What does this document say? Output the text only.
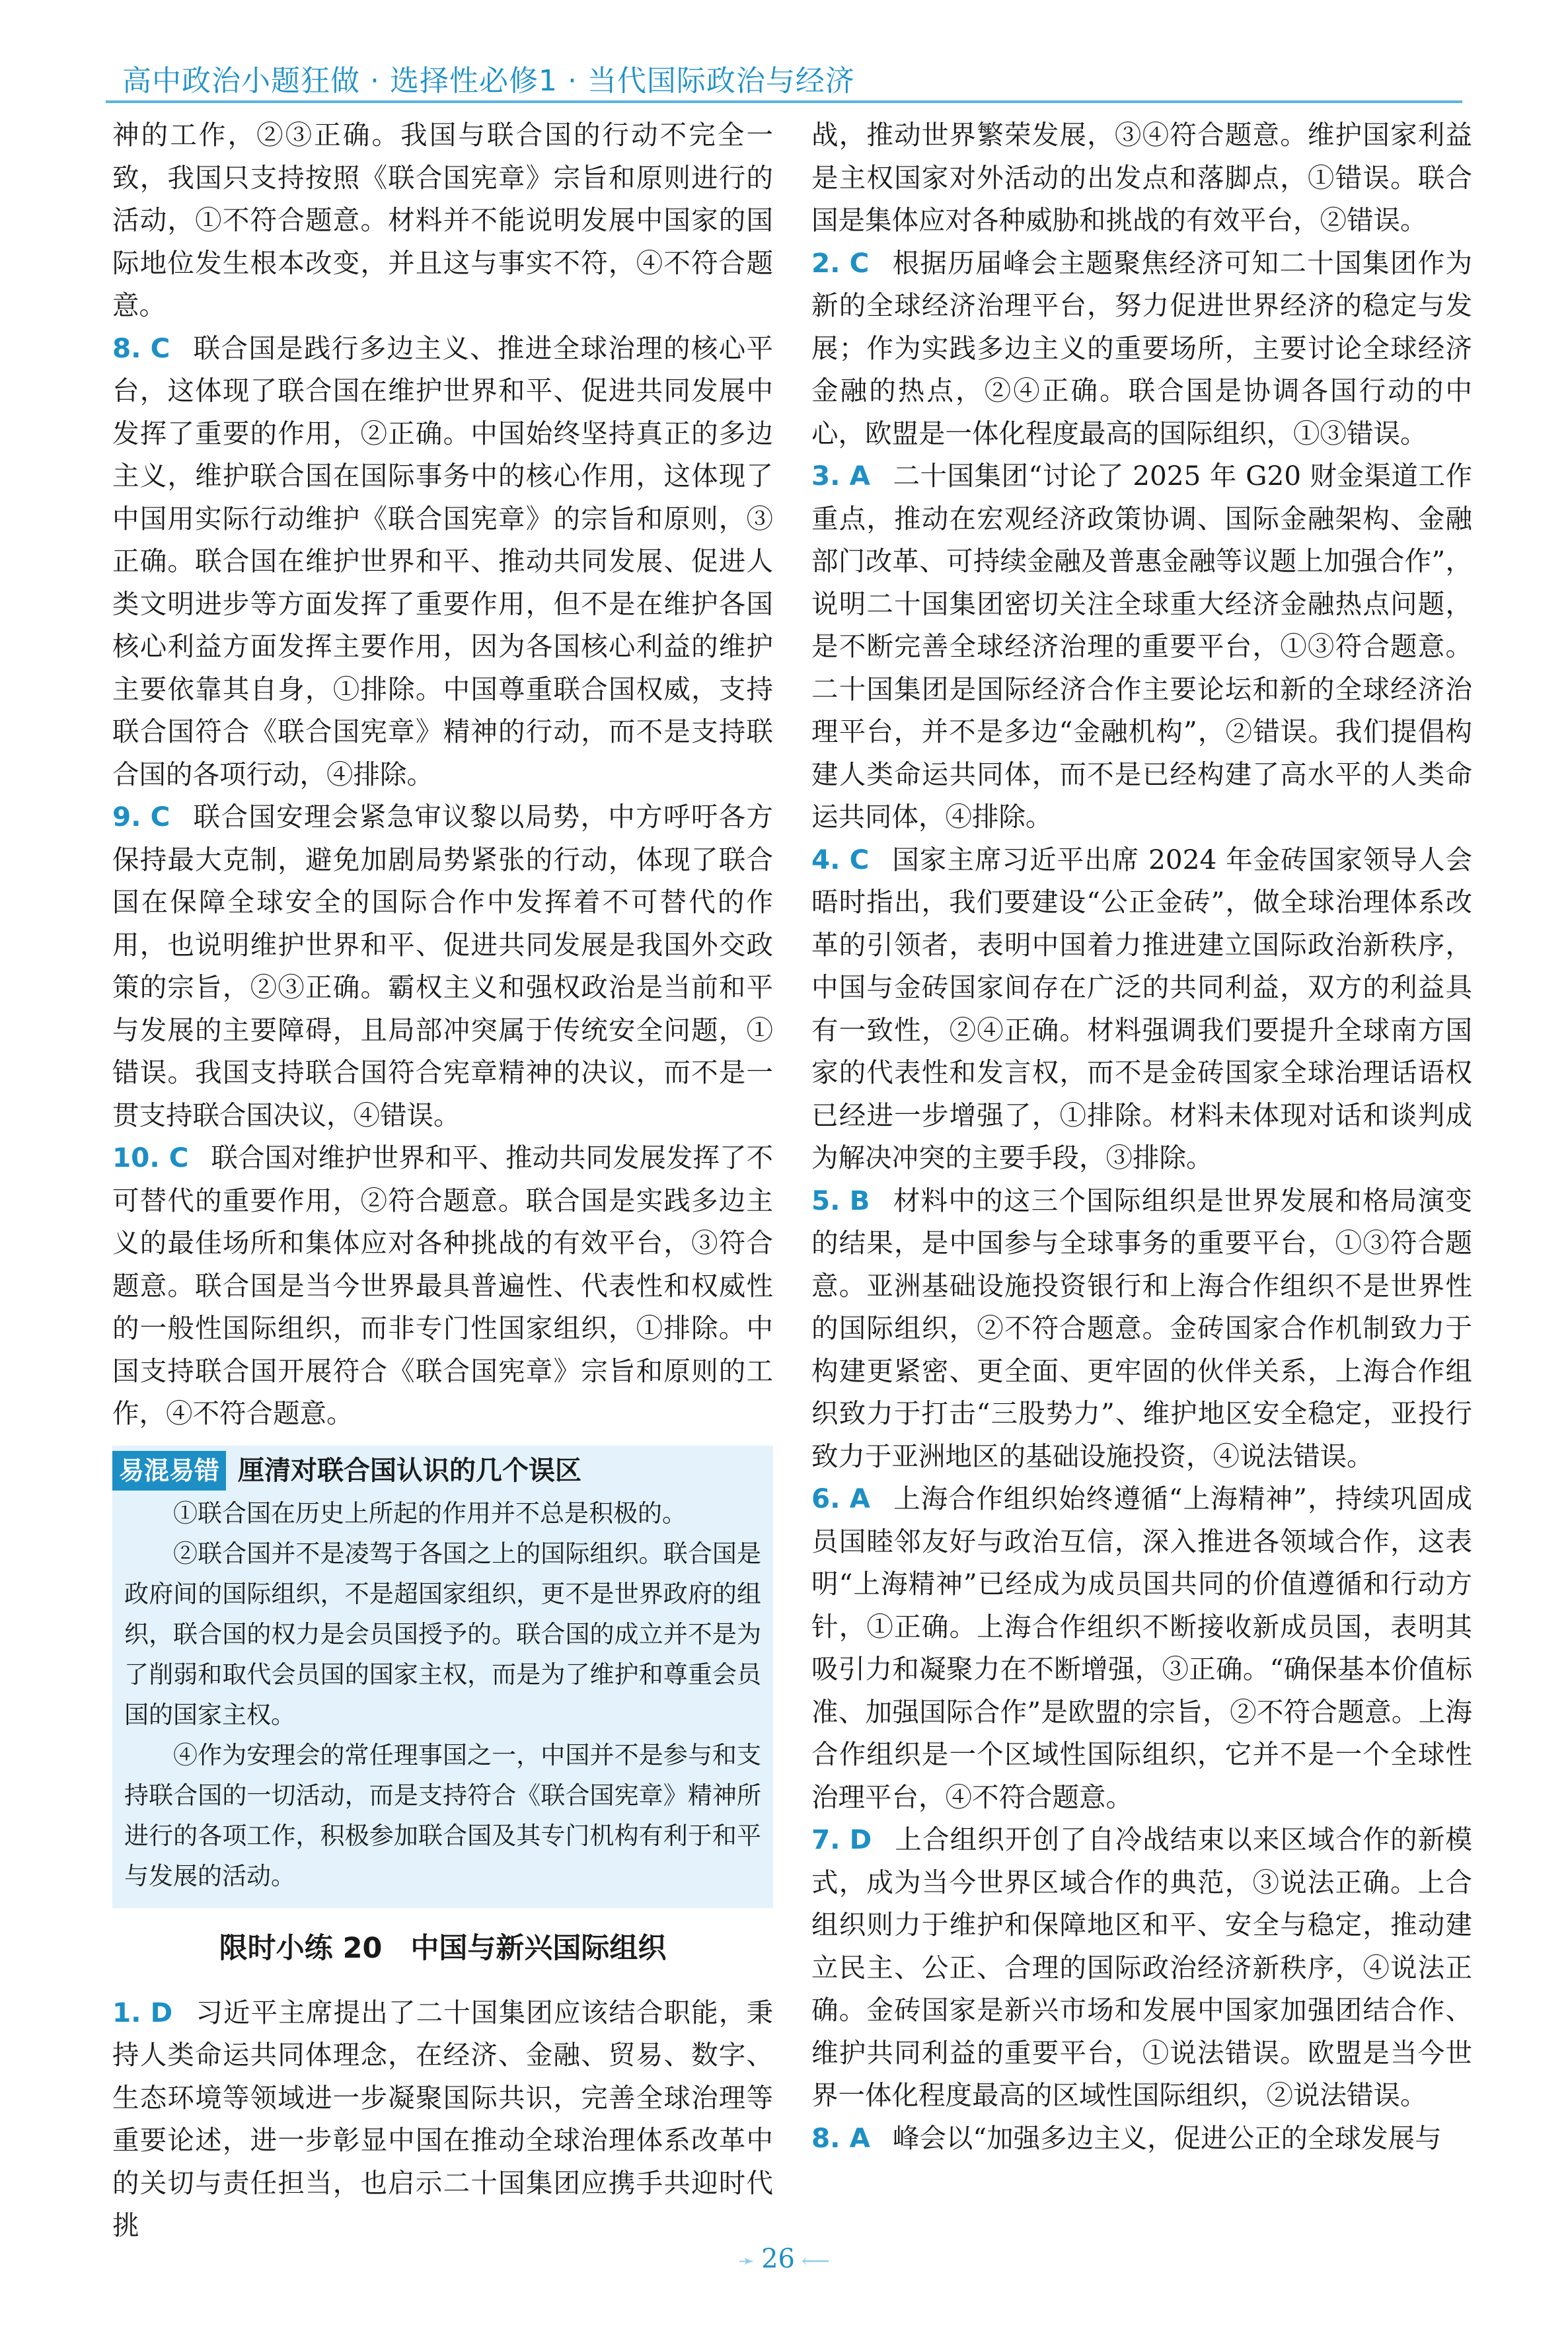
高中政治小题狂做 · 选择性必修1 · 当代国际政治与经济

神的工作，②③正确。我国与联合国的行动不完全一致，我国只支持按照《联合国宪章》宗旨和原则进行的活动，①不符合题意。材料并不能说明发展中国家的国际地位发生根本改变，并且这与事实不符，④不符合题意。

8. C 联合国是践行多边主义、推进全球治理的核心平台，这体现了联合国在维护世界和平、促进共同发展中发挥了重要的作用，②正确。中国始终坚持真正的多边主义，维护联合国在国际事务中的核心作用，这体现了中国用实际行动维护《联合国宪章》的宗旨和原则，③正确。联合国在维护世界和平、推动共同发展、促进人类文明进步等方面发挥了重要作用，但不是在维护各国核心利益方面发挥主要作用，因为各国核心利益的维护主要依靠其自身，①排除。中国尊重联合国权威，支持联合国符合《联合国宪章》精神的行动，而不是支持联合国的各项行动，④排除。

9. C 联合国安理会紧急审议黎以局势，中方呼吁各方保持最大克制，避免加剧局势紧张的行动，体现了联合国在保障全球安全的国际合作中发挥着不可替代的作用，也说明维护世界和平、促进共同发展是我国外交政策的宗旨，②③正确。霸权主义和强权政治是当前和平与发展的主要障碍，且局部冲突属于传统安全问题，①错误。我国支持联合国符合宪章精神的决议，而不是一贯支持联合国决议，④错误。

10. C 联合国对维护世界和平、推动共同发展发挥了不可替代的重要作用，②符合题意。联合国是实践多边主义的最佳场所和集体应对各种挑战的有效平台，③符合题意。联合国是当今世界最具普遍性、代表性和权威性的一般性国际组织，而非专门性国家组织，①排除。中国支持联合国开展符合《联合国宪章》宗旨和原则的工作，④不符合题意。

易混易错 厘清对联合国认识的几个误区

①联合国在历史上所起的作用并不总是积极的。

②联合国并不是凌驾于各国之上的国际组织。联合国是政府间的国际组织，不是超国家组织，更不是世界政府的组织，联合国的权力是会员国授予的。联合国的成立并不是为了削弱和取代会员国的国家主权，而是为了维护和尊重会员国的国家主权。

④作为安理会的常任理事国之一，中国并不是参与和支持联合国的一切活动，而是支持符合《联合国宪章》精神所进行的各项工作，积极参加联合国及其专门机构有利于和平与发展的活动。

限时小练 20　中国与新兴国际组织

1. D 习近平主席提出了二十国集团应该结合职能，秉持人类命运共同体理念，在经济、金融、贸易、数字、生态环境等领域进一步凝聚国际共识，完善全球治理等重要论述，进一步彰显中国在推动全球治理体系改革中的关切与责任担当，也启示二十国集团应携手共迎时代挑

战，推动世界繁荣发展，③④符合题意。维护国家利益是主权国家对外活动的出发点和落脚点，①错误。联合国是集体应对各种威胁和挑战的有效平台，②错误。

2. C 根据历届峰会主题聚焦经济可知二十国集团作为新的全球经济治理平台，努力促进世界经济的稳定与发展；作为实践多边主义的重要场所，主要讨论全球经济金融的热点，②④正确。联合国是协调各国行动的中心，欧盟是一体化程度最高的国际组织，①③错误。

3. A 二十国集团“讨论了 2025 年 G20 财金渠道工作重点，推动在宏观经济政策协调、国际金融架构、金融部门改革、可持续金融及普惠金融等议题上加强合作”，说明二十国集团密切关注全球重大经济金融热点问题，是不断完善全球经济治理的重要平台，①③符合题意。二十国集团是国际经济合作主要论坛和新的全球经济治理平台，并不是多边“金融机构”，②错误。我们提倡构建人类命运共同体，而不是已经构建了高水平的人类命运共同体，④排除。

4. C 国家主席习近平出席 2024 年金砖国家领导人会晤时指出，我们要建设“公正金砖”，做全球治理体系改革的引领者，表明中国着力推进建立国际政治新秩序，中国与金砖国家间存在广泛的共同利益，双方的利益具有一致性，②④正确。材料强调我们要提升全球南方国家的代表性和发言权，而不是金砖国家全球治理话语权已经进一步增强了，①排除。材料未体现对话和谈判成为解决冲突的主要手段，③排除。

5. B 材料中的这三个国际组织是世界发展和格局演变的结果，是中国参与全球事务的重要平台，①③符合题意。亚洲基础设施投资银行和上海合作组织不是世界性的国际组织，②不符合题意。金砖国家合作机制致力于构建更紧密、更全面、更牢固的伙伴关系，上海合作组织致力于打击“三股势力”、维护地区安全稳定，亚投行致力于亚洲地区的基础设施投资，④说法错误。

6. A 上海合作组织始终遵循“上海精神”，持续巩固成员国睦邻友好与政治互信，深入推进各领域合作，这表明“上海精神”已经成为成员国共同的价值遵循和行动方针，①正确。上海合作组织不断接收新成员国，表明其吸引力和凝聚力在不断增强，③正确。“确保基本价值标准、加强国际合作”是欧盟的宗旨，②不符合题意。上海合作组织是一个区域性国际组织，它并不是一个全球性治理平台，④不符合题意。

7. D 上合组织开创了自冷战结束以来区域合作的新模式，成为当今世界区域合作的典范，③说法正确。上合组织则力于维护和保障地区和平、安全与稳定，推动建立民主、公正、合理的国际政治经济新秩序，④说法正确。金砖国家是新兴市场和发展中国家加强团结合作、维护共同利益的重要平台，①说法错误。欧盟是当今世界一体化程度最高的区域性国际组织，②说法错误。

8. A 峰会以“加强多边主义，促进公正的全球发展与

➛ 26 ⟵
